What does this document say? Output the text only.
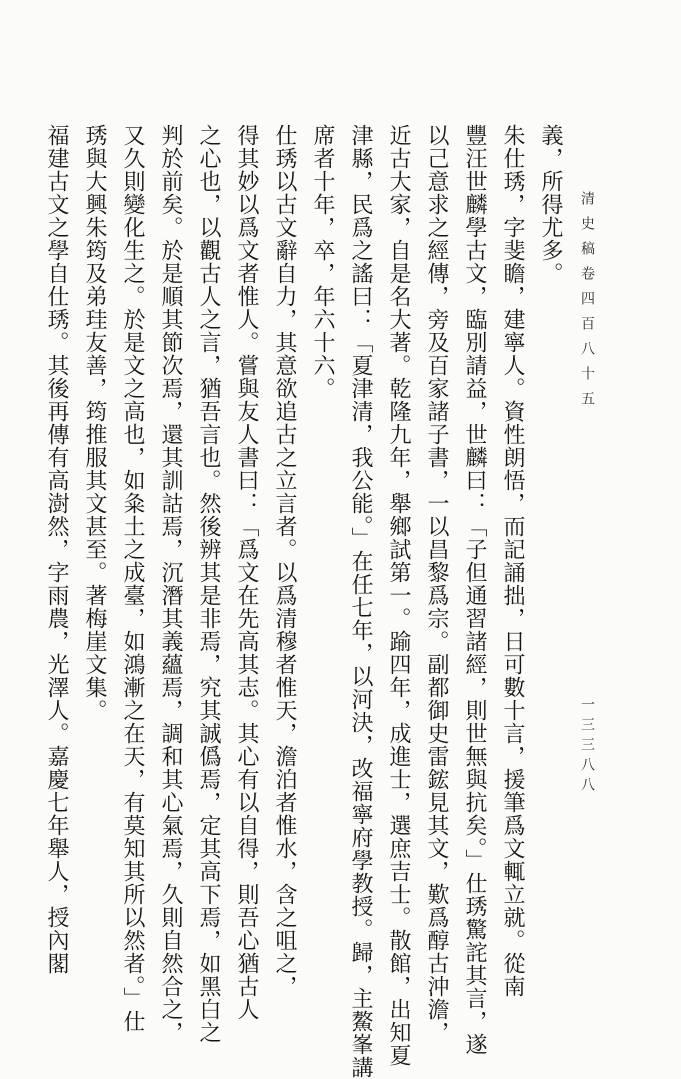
清史稿卷四百八十五
一三三八八
義，所得尤多。
朱仕琇，字斐瞻，建寧人。資性朗悟，而記誦拙，日可數十言，援筆爲文輒立就。從南
豐汪世麟學古文，臨別請益，世麟曰：「子但通習諸經，則世無與抗矣。」仕琇驚詫其言，遂
以己意求之經傳，旁及百家諸子書，一以昌黎爲宗。副都御史雷鋐見其文，歎爲醇古沖澹，
近古大家，自是名大著。乾隆九年，舉鄉試第一。踰四年，成進士，選庶吉士。散館，出知夏
津縣，民爲之謠曰：「夏津清，我公能。」在任七年，以河決，改福寧府學教授。歸，主鰲峯講
席者十年，卒，年六十六。
仕琇以古文辭自力，其意欲追古之立言者。以爲清穆者惟天，澹泊者惟水，含之咀之，
得其妙以爲文者惟人。嘗與友人書曰：「爲文在先高其志。其心有以自得，則吾心猶古人
之心也，以觀古人之言，猶吾言也。然後辨其是非焉，究其誠僞焉，定其高下焉，如黑白之
判於前矣。於是順其節次焉，還其訓詁焉，沉潛其義蘊焉，調和其心氣焉，久則自然合之，
又久則變化生之。於是文之高也，如粂土之成臺，如鴻漸之在天，有莫知其所以然者。」仕
琇與大興朱筠及弟珪友善，筠推服其文甚至。著梅崖文集。
福建古文之學自仕琇。其後再傳有高澍然，字雨農，光澤人。嘉慶七年舉人，授內閣
